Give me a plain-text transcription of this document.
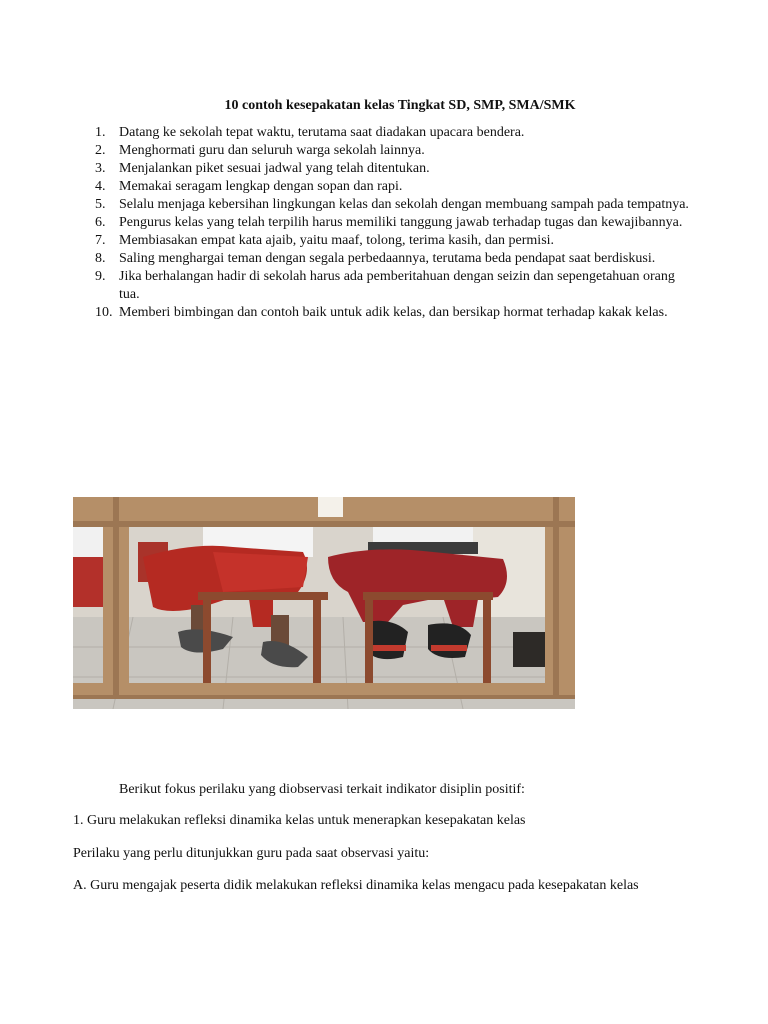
10 contoh kesepakatan kelas Tingkat SD, SMP, SMA/SMK
1. Datang ke sekolah tepat waktu, terutama saat diadakan upacara bendera.
2. Menghormati guru dan seluruh warga sekolah lainnya.
3. Menjalankan piket sesuai jadwal yang telah ditentukan.
4. Memakai seragam lengkap dengan sopan dan rapi.
5. Selalu menjaga kebersihan lingkungan kelas dan sekolah dengan membuang sampah pada tempatnya.
6. Pengurus kelas yang telah terpilih harus memiliki tanggung jawab terhadap tugas dan kewajibannya.
7. Membiasakan empat kata ajaib, yaitu maaf, tolong, terima kasih, dan permisi.
8. Saling menghargai teman dengan segala perbedaannya, terutama beda pendapat saat berdiskusi.
9. Jika berhalangan hadir di sekolah harus ada pemberitahuan dengan seizin dan sepengetahuan orang tua.
10. Memberi bimbingan dan contoh baik untuk adik kelas, dan bersikap hormat terhadap kakak kelas.

Berikut fokus perilaku yang diobservasi terkait indikator disiplin positif:

1. Guru melakukan refleksi dinamika kelas untuk menerapkan kesepakatan kelas

Perilaku yang perlu ditunjukkan guru pada saat observasi yaitu:

A. Guru mengajak peserta didik melakukan refleksi dinamika kelas mengacu pada kesepakatan kelas
